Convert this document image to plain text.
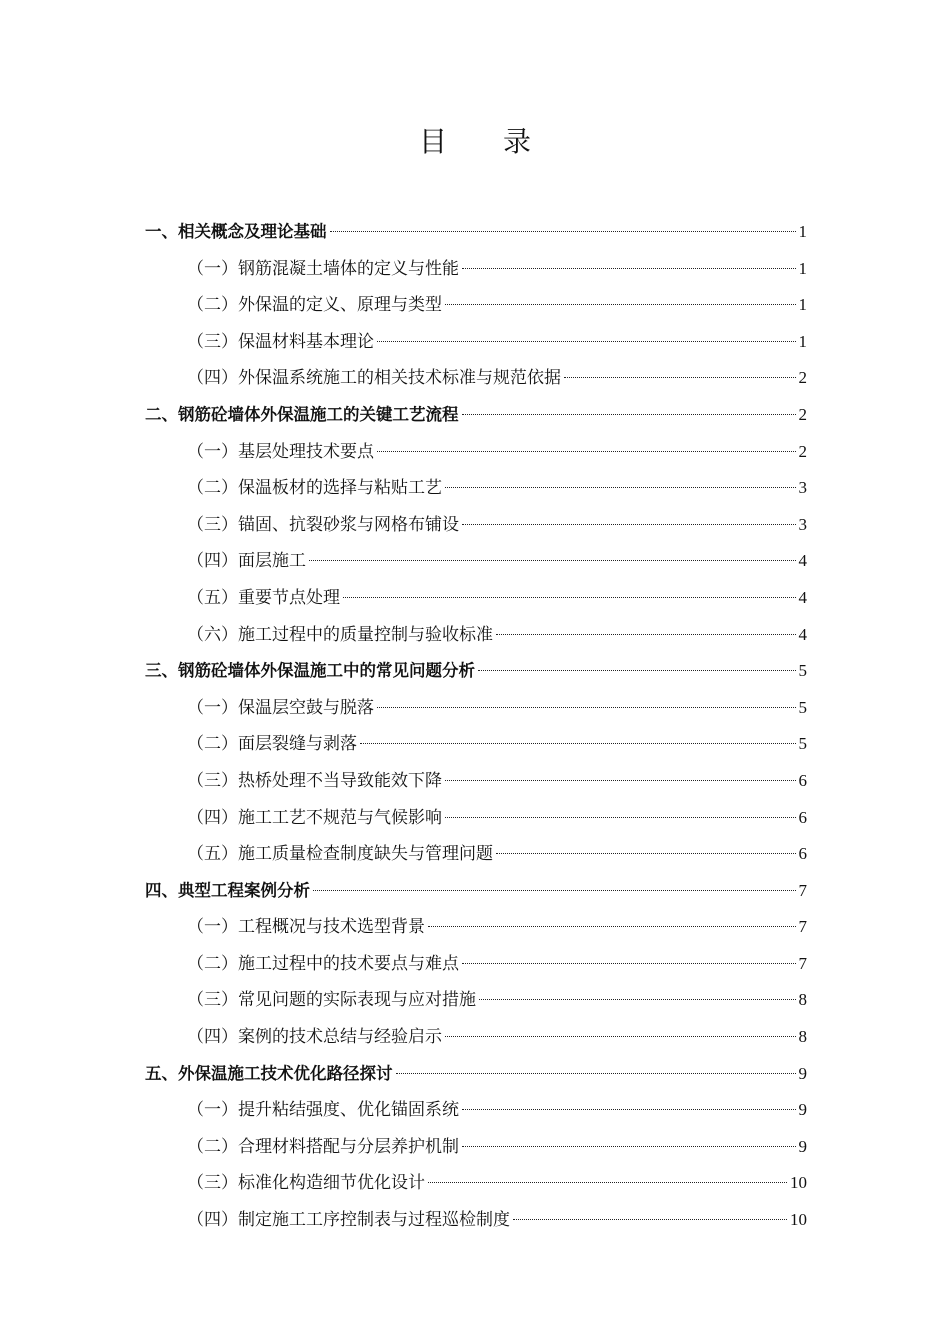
目录
一、相关概念及理论基础	1
（一）钢筋混凝土墙体的定义与性能	1
（二）外保温的定义、原理与类型	1
（三）保温材料基本理论	1
（四）外保温系统施工的相关技术标准与规范依据	2
二、钢筋砼墙体外保温施工的关键工艺流程	2
（一）基层处理技术要点	2
（二）保温板材的选择与粘贴工艺	3
（三）锚固、抗裂砂浆与网格布铺设	3
（四）面层施工	4
（五）重要节点处理	4
（六）施工过程中的质量控制与验收标准	4
三、钢筋砼墙体外保温施工中的常见问题分析	5
（一）保温层空鼓与脱落	5
（二）面层裂缝与剥落	5
（三）热桥处理不当导致能效下降	6
（四）施工工艺不规范与气候影响	6
（五）施工质量检查制度缺失与管理问题	6
四、典型工程案例分析	7
（一）工程概况与技术选型背景	7
（二）施工过程中的技术要点与难点	7
（三）常见问题的实际表现与应对措施	8
（四）案例的技术总结与经验启示	8
五、外保温施工技术优化路径探讨	9
（一）提升粘结强度、优化锚固系统	9
（二）合理材料搭配与分层养护机制	9
（三）标准化构造细节优化设计	10
（四）制定施工工序控制表与过程巡检制度	10
